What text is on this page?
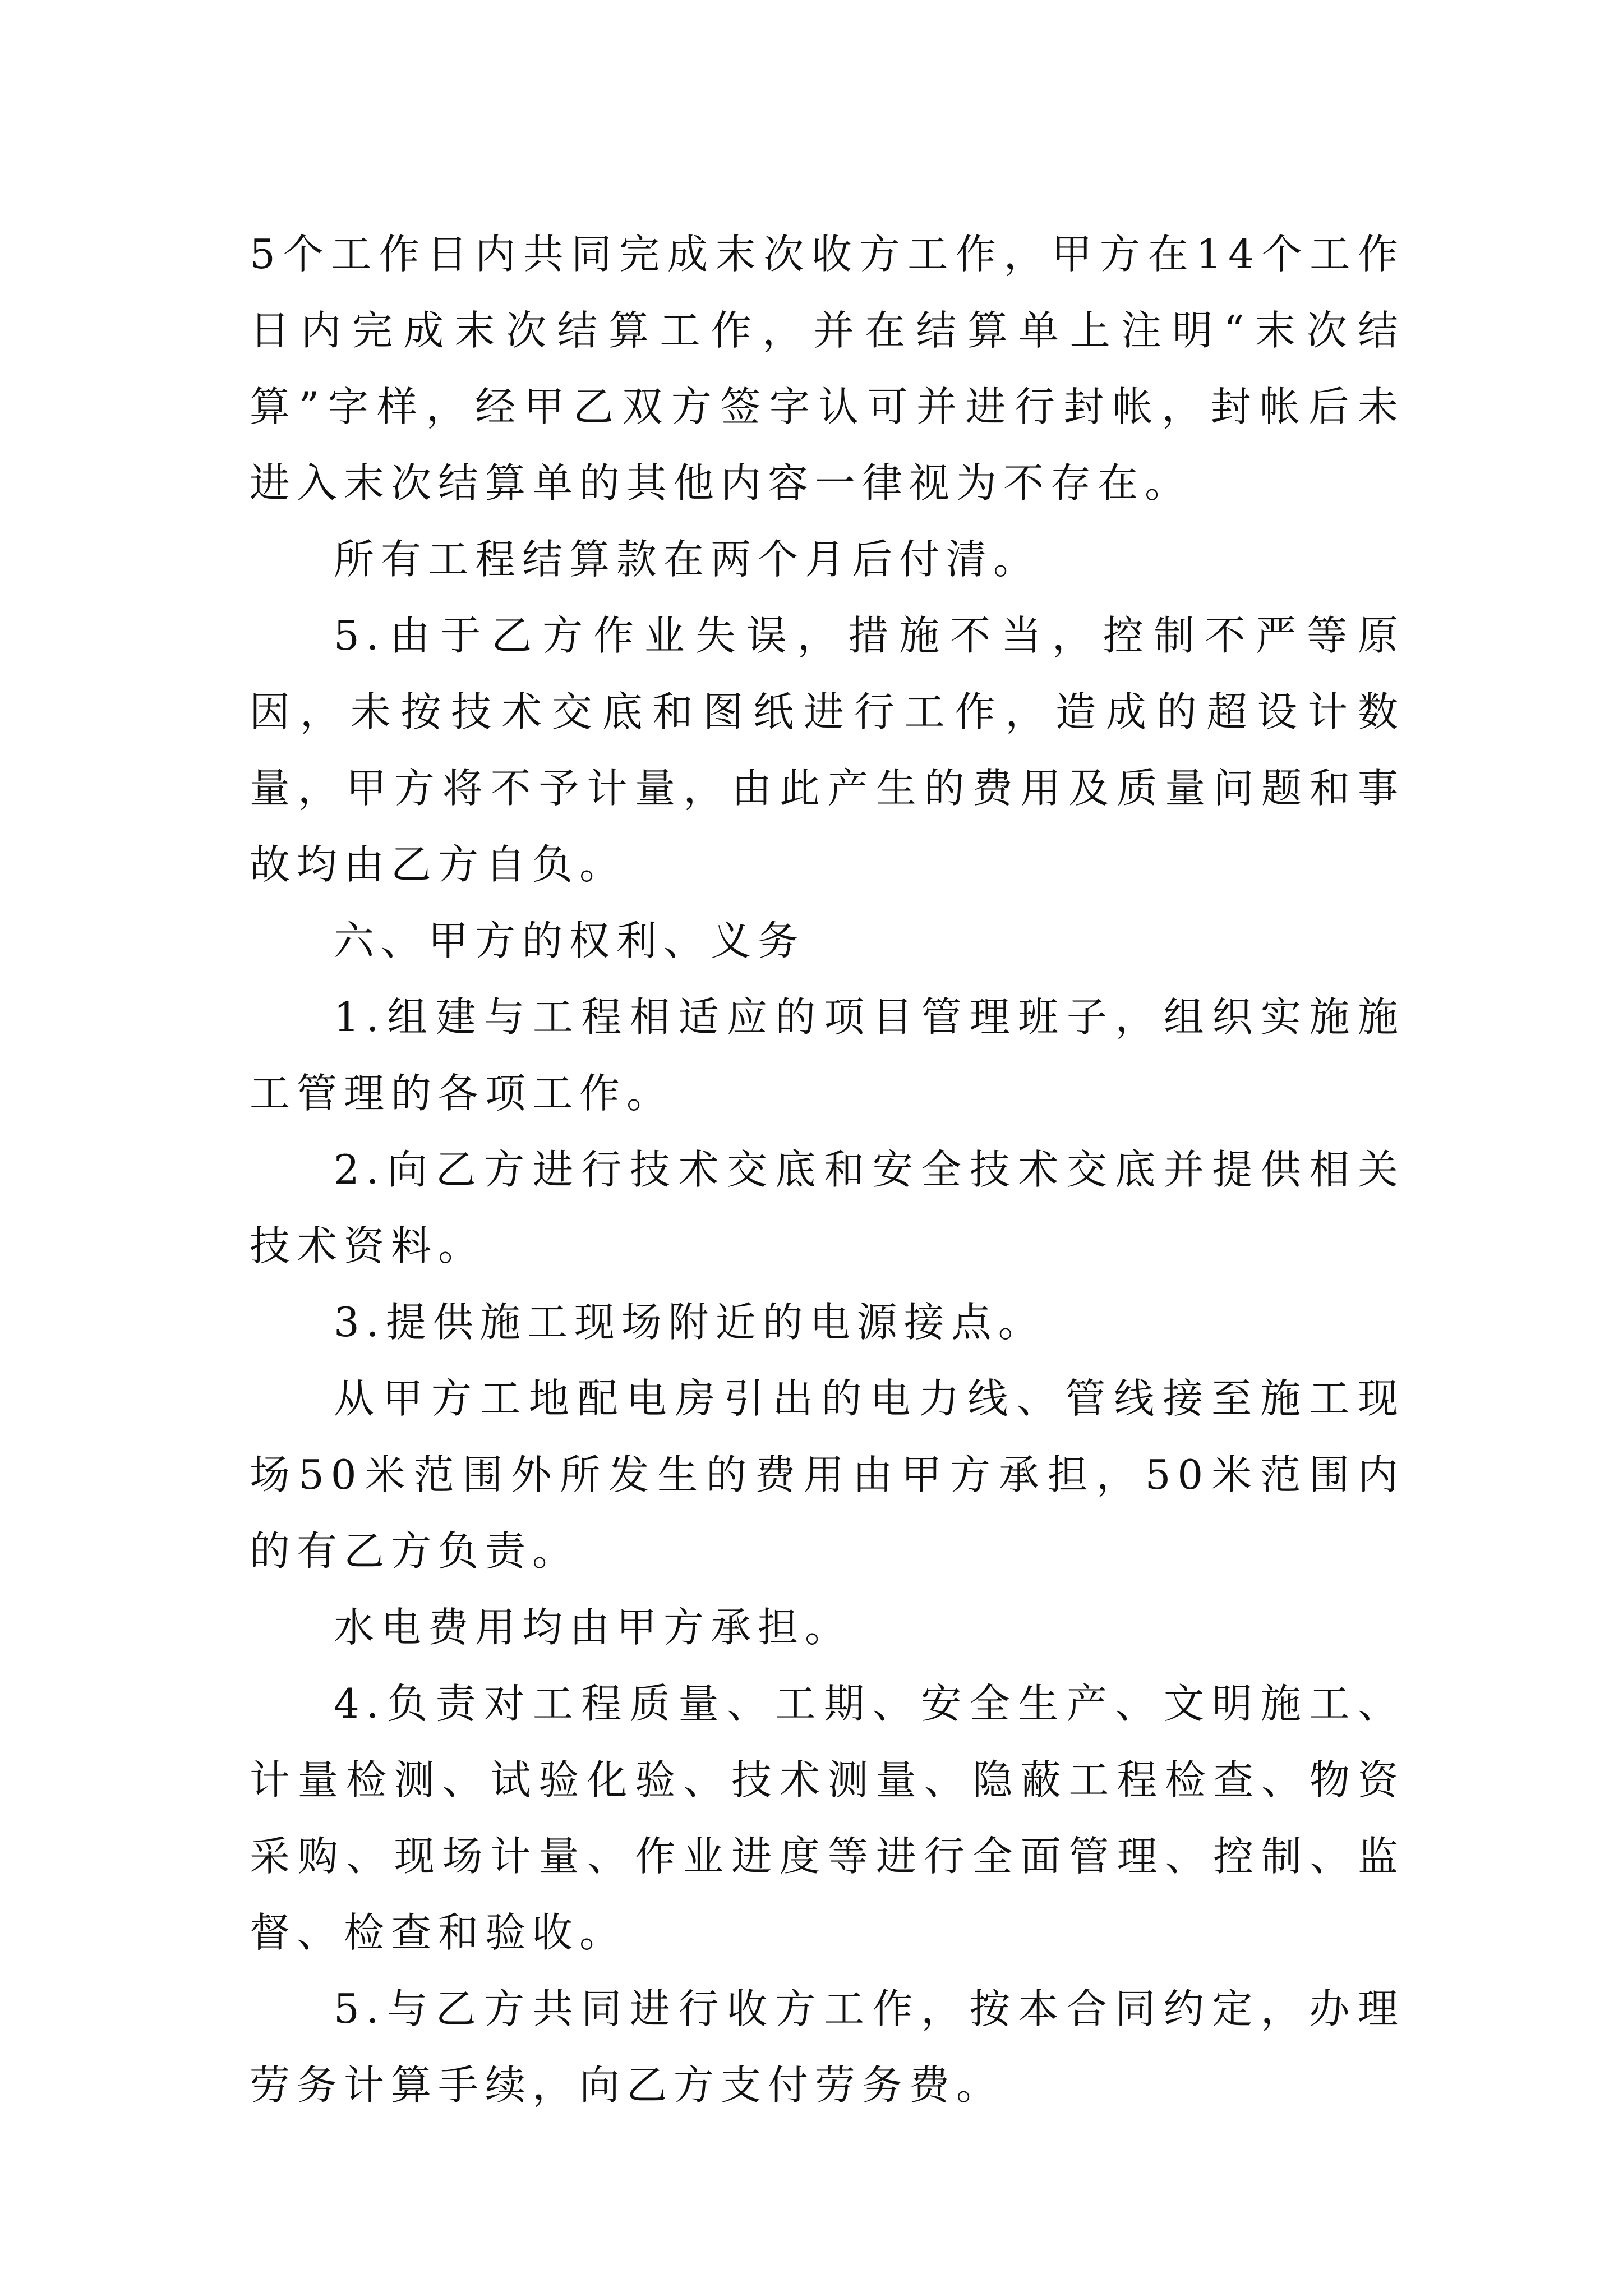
5个工作日内共同完成末次收方工作，甲方在14个工作日内完成末次结算工作，并在结算单上注明“末次结算”字样，经甲乙双方签字认可并进行封帐，封帐后未进入末次结算单的其他内容一律视为不存在。

所有工程结算款在两个月后付清。

5.由于乙方作业失误，措施不当，控制不严等原因，未按技术交底和图纸进行工作，造成的超设计数量，甲方将不予计量，由此产生的费用及质量问题和事故均由乙方自负。

六、甲方的权利、义务

1.组建与工程相适应的项目管理班子，组织实施施工管理的各项工作。

2.向乙方进行技术交底和安全技术交底并提供相关技术资料。

3.提供施工现场附近的电源接点。

从甲方工地配电房引出的电力线、管线接至施工现场50米范围外所发生的费用由甲方承担，50米范围内的有乙方负责。

水电费用均由甲方承担。

4.负责对工程质量、工期、安全生产、文明施工、计量检测、试验化验、技术测量、隐蔽工程检查、物资采购、现场计量、作业进度等进行全面管理、控制、监督、检查和验收。

5.与乙方共同进行收方工作，按本合同约定，办理劳务计算手续，向乙方支付劳务费。
